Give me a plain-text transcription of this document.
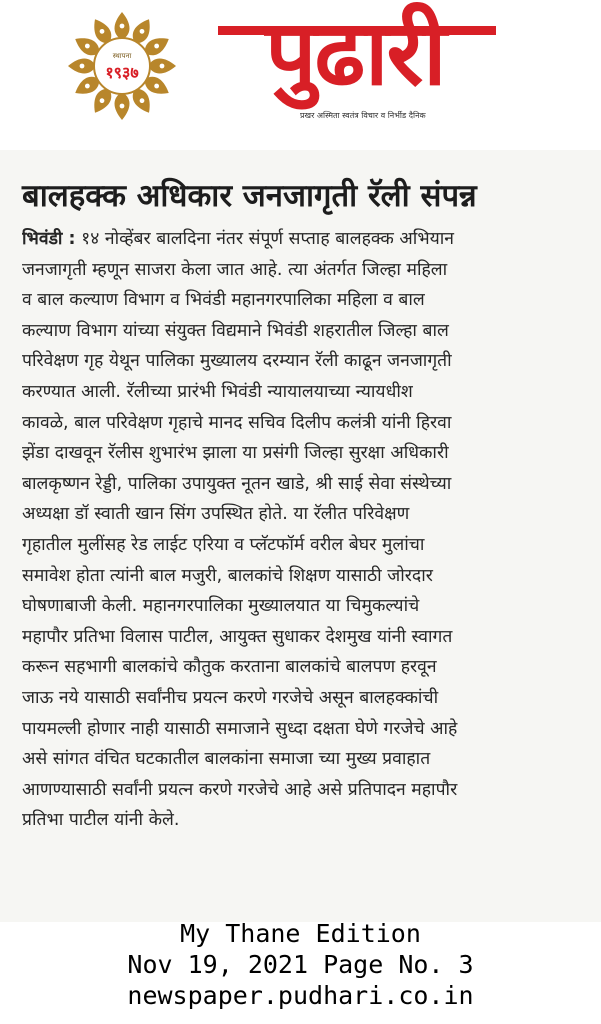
स्थापना
१९३७	पुढारी
प्रखर अस्मिता स्वतंत्र विचार व निर्भीड दैनिक
बालहक्क अधिकार जनजागृती रॅली संपन्न
भिवंडी : १४ नोव्हेंबर बालदिना नंतर संपूर्ण सप्ताह बालहक्क अभियान
जनजागृती म्हणून साजरा केला जात आहे. त्या अंतर्गत जिल्हा महिला
व बाल कल्याण विभाग व भिवंडी महानगरपालिका महिला व बाल
कल्याण विभाग यांच्या संयुक्त विद्यमाने भिवंडी शहरातील जिल्हा बाल
परिवेक्षण गृह येथून पालिका मुख्यालय दरम्यान रॅली काढून जनजागृती
करण्यात आली. रॅलीच्या प्रारंभी भिवंडी न्यायालयाच्या न्यायधीश
कावळे, बाल परिवेक्षण गृहाचे मानद सचिव दिलीप कलंत्री यांनी हिरवा
झेंडा दाखवून रॅलीस शुभारंभ झाला या प्रसंगी जिल्हा सुरक्षा अधिकारी
बालकृष्णन रेड्डी, पालिका उपायुक्त नूतन खाडे, श्री साई सेवा संस्थेच्या
अध्यक्षा डॉ स्वाती खान सिंग उपस्थित होते. या रॅलीत परिवेक्षण
गृहातील मुलींसह रेड लाईट एरिया व प्लॅटफॉर्म वरील बेघर मुलांचा
समावेश होता त्यांनी बाल मजुरी, बालकांचे शिक्षण यासाठी जोरदार
घोषणाबाजी केली. महानगरपालिका मुख्यालयात या चिमुकल्यांचे
महापौर प्रतिभा विलास पाटील, आयुक्त सुधाकर देशमुख यांनी स्वागत
करून सहभागी बालकांचे कौतुक करताना बालकांचे बालपण हरवून
जाऊ नये यासाठी सर्वांनीच प्रयत्न करणे गरजेचे असून बालहक्कांची
पायमल्ली होणार नाही यासाठी समाजाने सुध्दा दक्षता घेणे गरजेचे आहे
असे सांगत वंचित घटकातील बालकांना समाजा च्या मुख्य प्रवाहात
आणण्यासाठी सर्वांनी प्रयत्न करणे गरजेचे आहे असे प्रतिपादन महापौर
प्रतिभा पाटील यांनी केले.
My Thane Edition
Nov 19, 2021 Page No. 3
newspaper.pudhari.co.in
